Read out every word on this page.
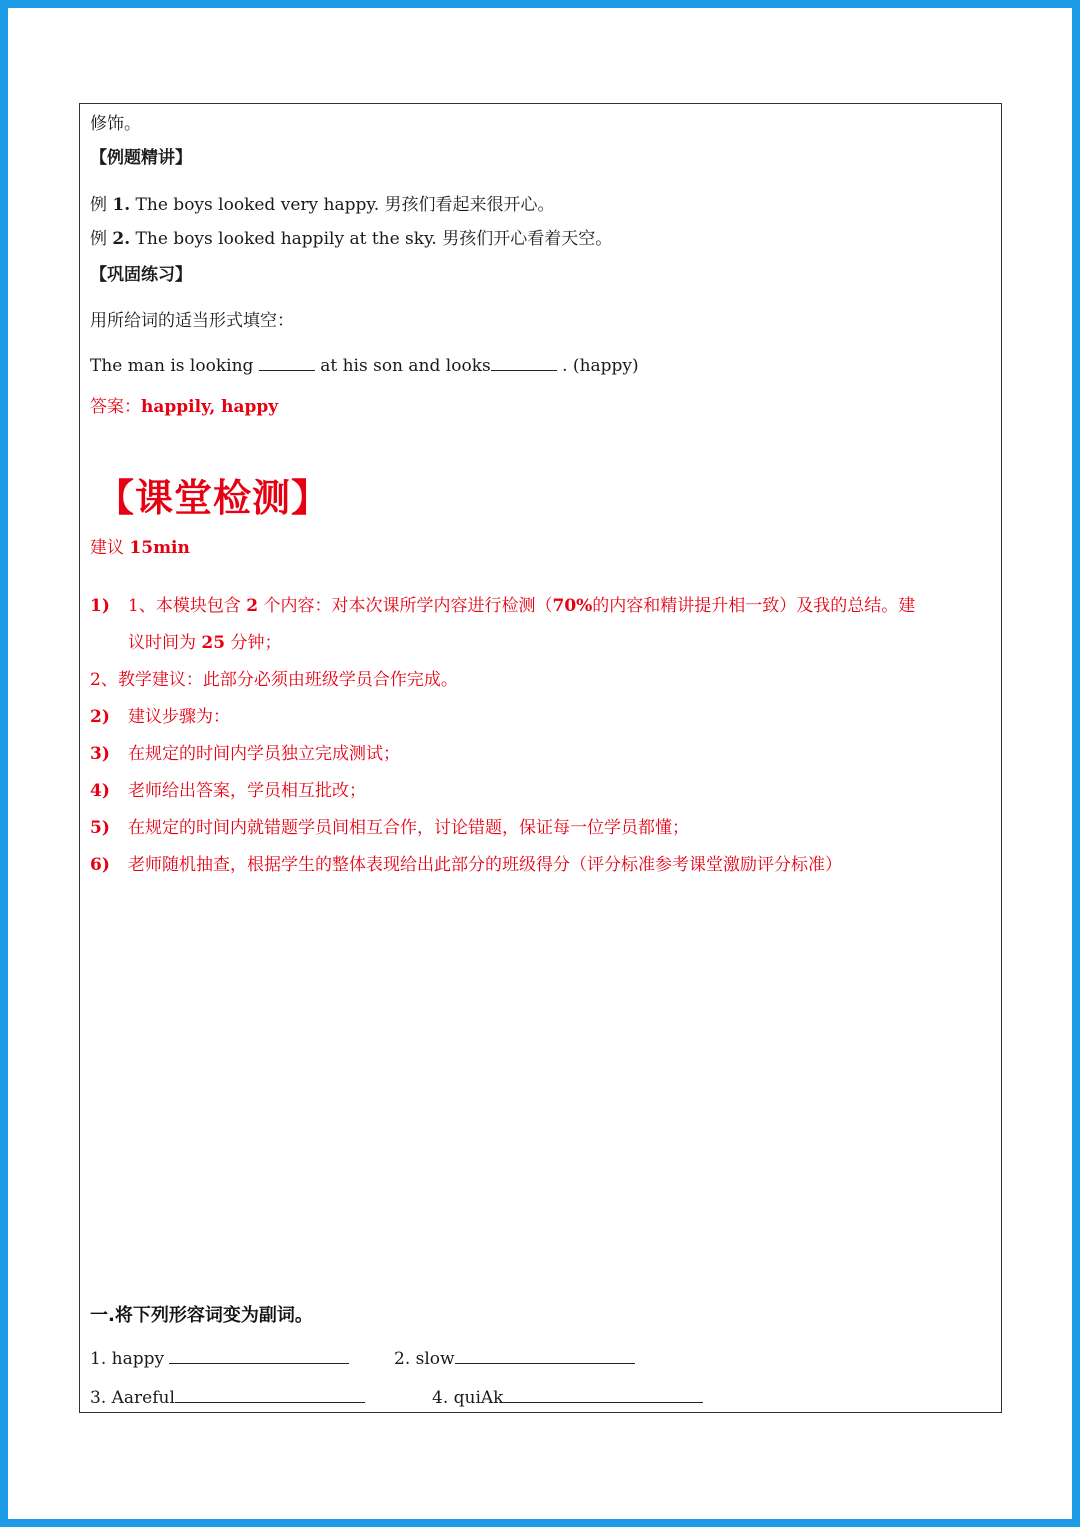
修饰。
【例题精讲】
例 1. The boys looked very happy. 男孩们看起来很开心。
例 2. The boys looked happily at the sky. 男孩们开心看着天空。
【巩固练习】
用所给词的适当形式填空：
The man is looking	at his son and looks	. (happy)
答案：happily, happy
【课堂检测】
建议 15min
1)	1、本模块包含 2 个内容：对本次课所学内容进行检测（70%的内容和精讲提升相一致）及我的总结。建
议时间为 25 分钟；
2、教学建议：此部分必须由班级学员合作完成。
2)	建议步骤为：
3)	在规定的时间内学员独立完成测试；
4)	老师给出答案，学员相互批改；
5)	在规定的时间内就错题学员间相互合作，讨论错题，保证每一位学员都懂；
6)	老师随机抽查，根据学生的整体表现给出此部分的班级得分（评分标准参考课堂激励评分标准）
一.将下列形容词变为副词。
1. happy	2. slow
3. Aareful	4. quiAk
